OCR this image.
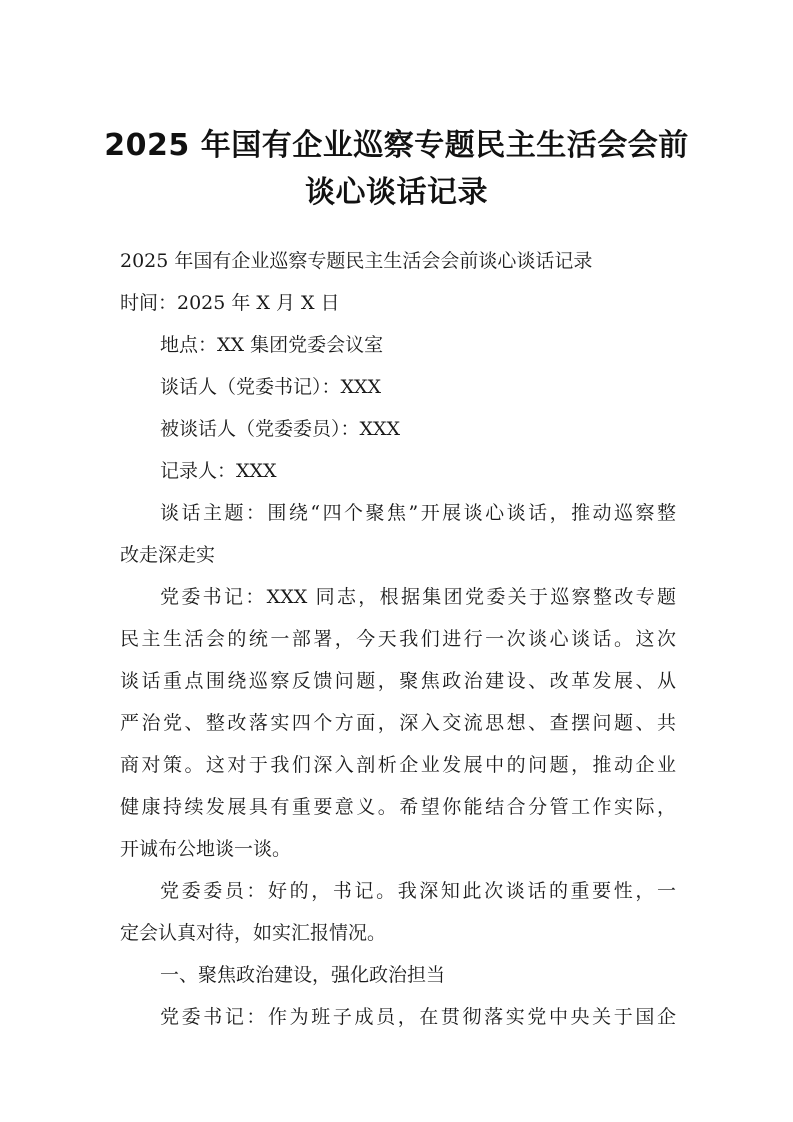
2025 年国有企业巡察专题民主生活会会前
谈心谈话记录
2025 年国有企业巡察专题民主生活会会前谈心谈话记录
时间：2025 年 X 月 X 日
地点：XX 集团党委会议室
谈话人（党委书记）：XXX
被谈话人（党委委员）：XXX
记录人：XXX
谈话主题：围绕“四个聚焦”开展谈心谈话，推动巡察整
改走深走实
党委书记：XXX 同志，根据集团党委关于巡察整改专题
民主生活会的统一部署，今天我们进行一次谈心谈话。这次
谈话重点围绕巡察反馈问题，聚焦政治建设、改革发展、从
严治党、整改落实四个方面，深入交流思想、查摆问题、共
商对策。这对于我们深入剖析企业发展中的问题，推动企业
健康持续发展具有重要意义。希望你能结合分管工作实际，
开诚布公地谈一谈。
党委委员：好的，书记。我深知此次谈话的重要性，一
定会认真对待，如实汇报情况。
一、聚焦政治建设，强化政治担当
党委书记：作为班子成员，在贯彻落实党中央关于国企
